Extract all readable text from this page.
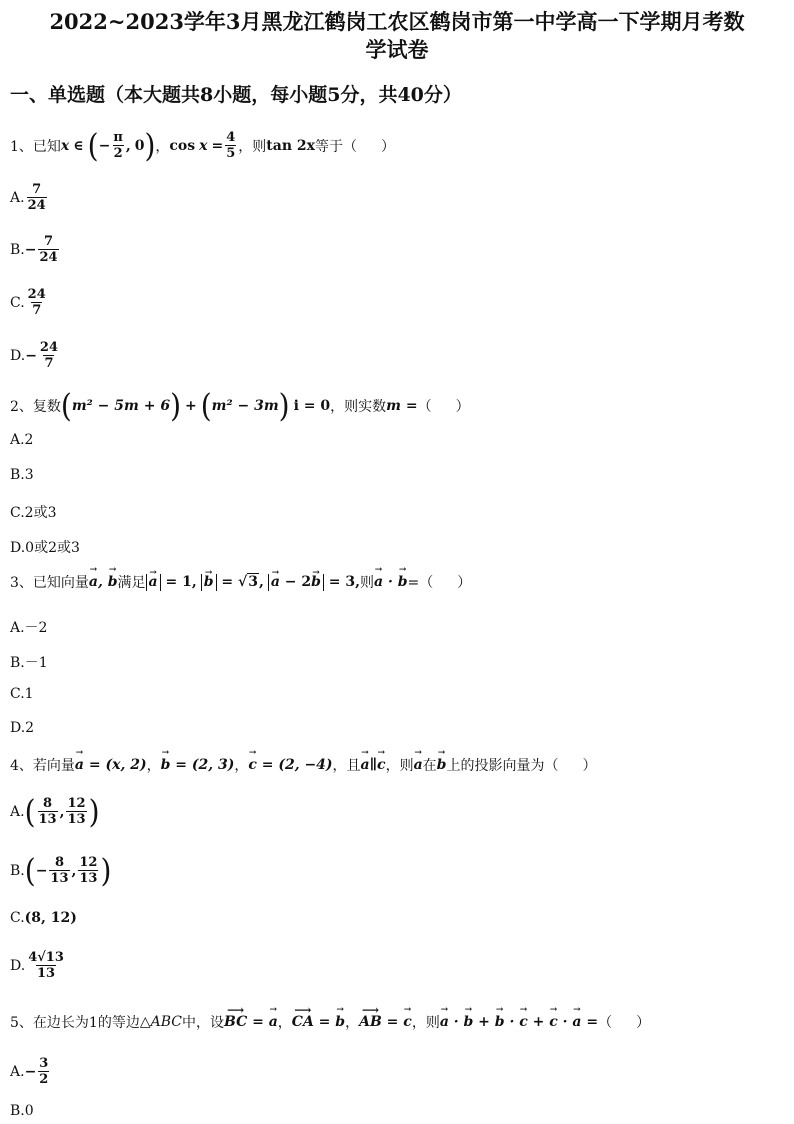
2022~2023学年3月黑龙江鹤岗工农区鹤岗市第一中学高一下学期月考数
学试卷
一、单选题（本大题共8小题，每小题5分，共40分）
1、 已知 x ∈ ( − $\frac{\pi}{2}$ , 0 ) ， $\cos x = \frac{4}{5}$ ，则 tan 2x 等于（ ）
A. $\frac{7}{24}$
B. − $\frac{7}{24}$
C. $\frac{24}{7}$
D. − $\frac{24}{7}$
2、 复数 ( m² − 5m + 6 ) + ( m² − 3m ) i = 0 ，则实数 m = （ ）
A.2
B.3
C.2或3
D.0或2或3
3、 已知向量 → a, → b 满足 → a = 1, → b = √3, → a − 2→ b = 3, 则 → a · → b =（ ）
A.－2
B.－1
C.1
D.2
4、 若向量 → a = (x, 2) ， → b = (2, 3) ， → c = (2, −4) ， 且 → a∥→ c ，则 → a 在 → b 上的投影向量为（ ）
A. ( $\frac{8}{13}$ , $\frac{12}{13}$ )
B. ( − $\frac{8}{13}$ , $\frac{12}{13}$ )
C. (8, 12)
D. $\frac{4√13}{13}$
5、 在边长为1的等边 △ABC 中，设 ⟶ BC = → a ， ⟶ CA = → b ， ⟶ AB = → c ， 则 → a · → b + → b · → c + → c · → a = （ ）
A. − $\frac{3}{2}$
B.0
